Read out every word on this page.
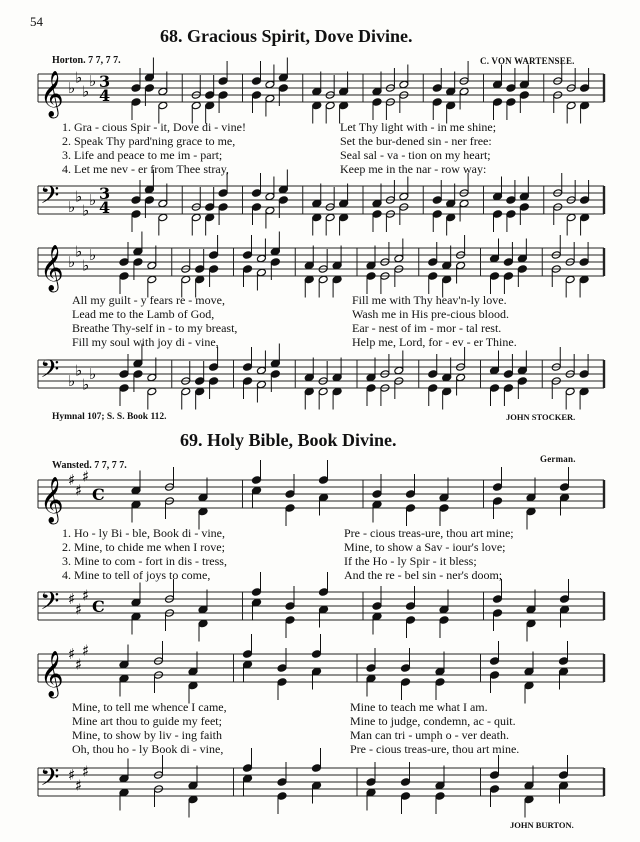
54
68. Gracious Spirit, Dove Divine.
Horton. 7 7, 7 7.	C. VON WARTENSEE.
𝄞 ♭
♭
♭
♭ 3
4
1. Gra - cious Spir - it, Dove di - vine!
2. Speak Thy pard'ning grace to me,
3. Life and peace to me im - part;
4. Let me nev - er from Thee stray,
Let Thy light with - in me shine;
Set the bur-dened sin - ner free:
Seal sal - va - tion on my heart;
Keep me in the nar - row way:
𝄢 ♭
♭
♭
♭ 3
4
𝄞 ♭
♭
♭
♭
All my guilt - y fears re - move,
Lead me to the Lamb of God,
Breathe Thy-self in - to my breast,
Fill my soul with joy di - vine,
Fill me with Thy heav'n-ly love.
Wash me in His pre-cious blood.
Ear - nest of im - mor - tal rest.
Help me, Lord, for - ev - er Thine.
𝄢 ♭
♭
♭
♭
Hymnal 107; S. S. Book 112.	JOHN STOCKER.
69. Holy Bible, Book Divine.
Wansted. 7 7, 7 7.
German.
𝄞 ♯
♯
♯
C
1. Ho - ly Bi - ble, Book di - vine,
2. Mine, to chide me when I rove;
3. Mine to com - fort in dis - tress,
4. Mine to tell of joys to come,
Pre - cious treas-ure, thou art mine;
Mine, to show a Sav - iour's love;
If the Ho - ly Spir - it bless;
And the re - bel sin - ner's doom;
𝄢 ♯
♯
♯
C
𝄞 ♯
♯
♯
Mine, to tell me whence I came,
Mine art thou to guide my feet;
Mine, to show by liv - ing faith
Oh, thou ho - ly Book di - vine,
Mine to teach me what I am.
Mine to judge, condemn, ac - quit.
Man can tri - umph o - ver death.
Pre - cious treas-ure, thou art mine.
𝄢 ♯
♯
♯
JOHN BURTON.
